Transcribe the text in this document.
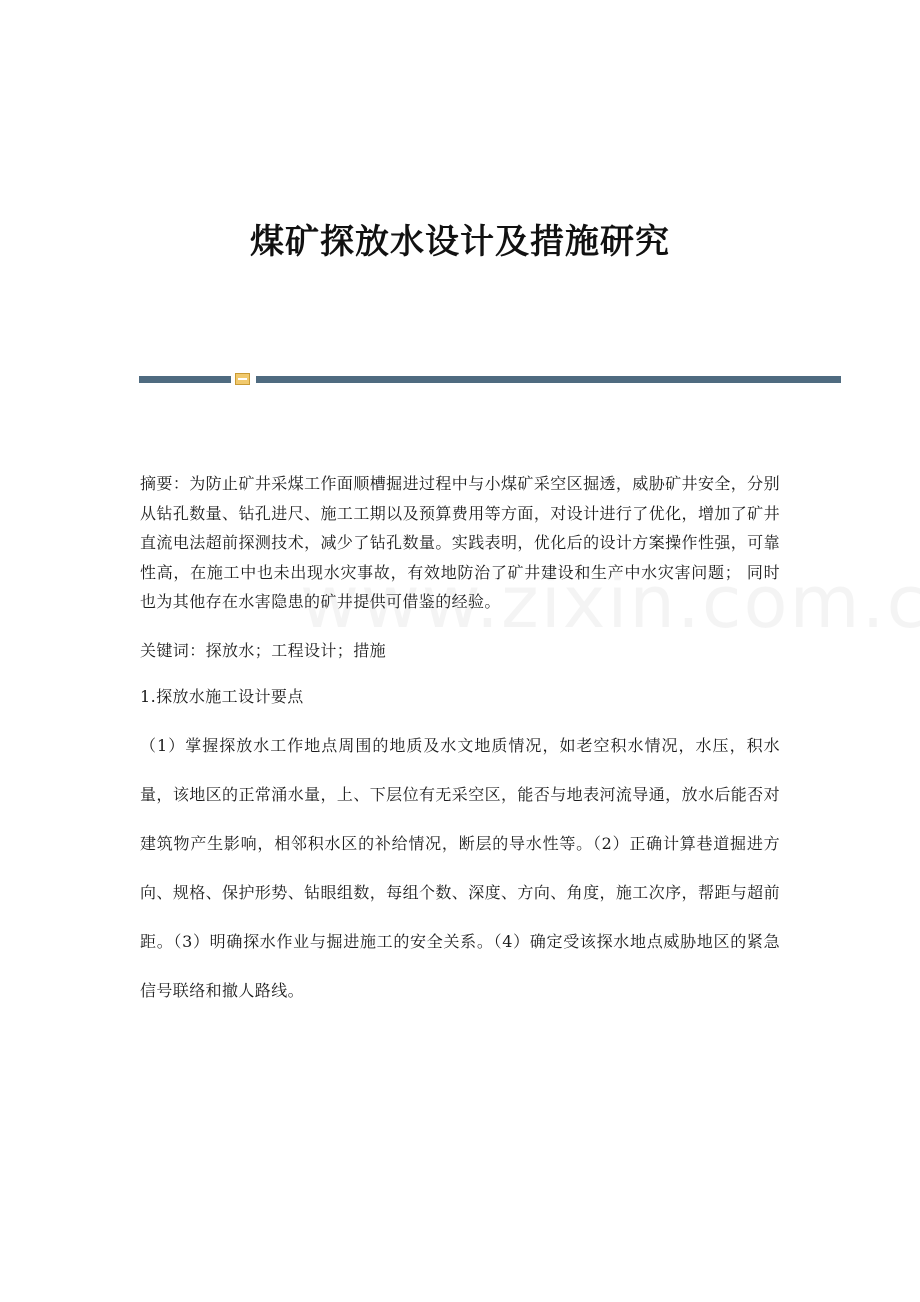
煤矿探放水设计及措施研究

摘要：为防止矿井采煤工作面顺槽掘进过程中与小煤矿采空区掘透，威胁矿井安全，分别从钻孔数量、钻孔进尺、施工工期以及预算费用等方面，对设计进行了优化，增加了矿井直流电法超前探测技术，减少了钻孔数量。实践表明，优化后的设计方案操作性强，可靠性高，在施工中也未出现水灾事故，有效地防治了矿井建设和生产中水灾害问题； 同时也为其他存在水害隐患的矿井提供可借鉴的经验。

关键词：探放水；工程设计；措施

1.探放水施工设计要点

（1）掌握探放水工作地点周围的地质及水文地质情况，如老空积水情况，水压，积水量，该地区的正常涌水量，上、下层位有无采空区，能否与地表河流导通，放水后能否对建筑物产生影响，相邻积水区的补给情况，断层的导水性等。（2）正确计算巷道掘进方向、规格、保护形势、钻眼组数，每组个数、深度、方向、角度，施工次序，帮距与超前距。（3）明确探水作业与掘进施工的安全关系。（4）确定受该探水地点威胁地区的紧急信号联络和撤人路线。
